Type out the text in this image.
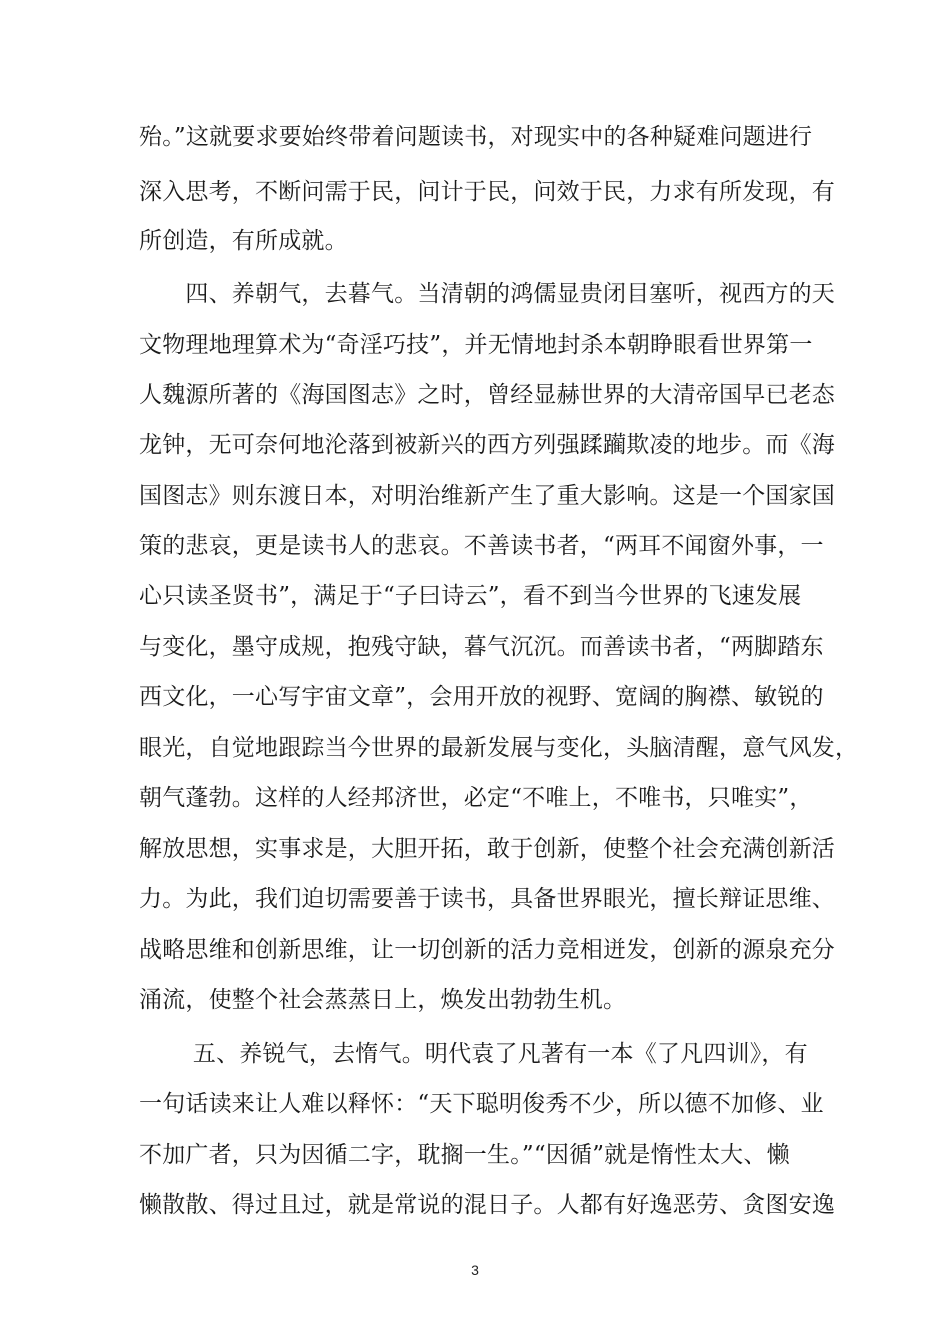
殆。”这就要求要始终带着问题读书，对现实中的各种疑难问题进行
深入思考，不断问需于民，问计于民，问效于民，力求有所发现，有
所创造，有所成就。
　　四、养朝气，去暮气。当清朝的鸿儒显贵闭目塞听，视西方的天
文物理地理算术为“奇淫巧技”，并无情地封杀本朝睁眼看世界第一
人魏源所著的《海国图志》之时，曾经显赫世界的大清帝国早已老态
龙钟，无可奈何地沦落到被新兴的西方列强蹂躏欺凌的地步。而《海
国图志》则东渡日本，对明治维新产生了重大影响。这是一个国家国
策的悲哀，更是读书人的悲哀。不善读书者，“两耳不闻窗外事，一
心只读圣贤书”，满足于“子曰诗云”，看不到当今世界的飞速发展
与变化，墨守成规，抱残守缺，暮气沉沉。而善读书者，“两脚踏东
西文化，一心写宇宙文章”，会用开放的视野、宽阔的胸襟、敏锐的
眼光，自觉地跟踪当今世界的最新发展与变化，头脑清醒，意气风发，
朝气蓬勃。这样的人经邦济世，必定“不唯上，不唯书，只唯实”，
解放思想，实事求是，大胆开拓，敢于创新，使整个社会充满创新活
力。为此，我们迫切需要善于读书，具备世界眼光，擅长辩证思维、
战略思维和创新思维，让一切创新的活力竞相迸发，创新的源泉充分
涌流，使整个社会蒸蒸日上，焕发出勃勃生机。
　　 五、养锐气，去惰气。明代袁了凡著有一本《了凡四训》，有
一句话读来让人难以释怀：“天下聪明俊秀不少，所以德不加修、业
不加广者，只为因循二字，耽搁一生。”“因循”就是惰性太大、懒
懒散散、得过且过，就是常说的混日子。人都有好逸恶劳、贪图安逸
3
